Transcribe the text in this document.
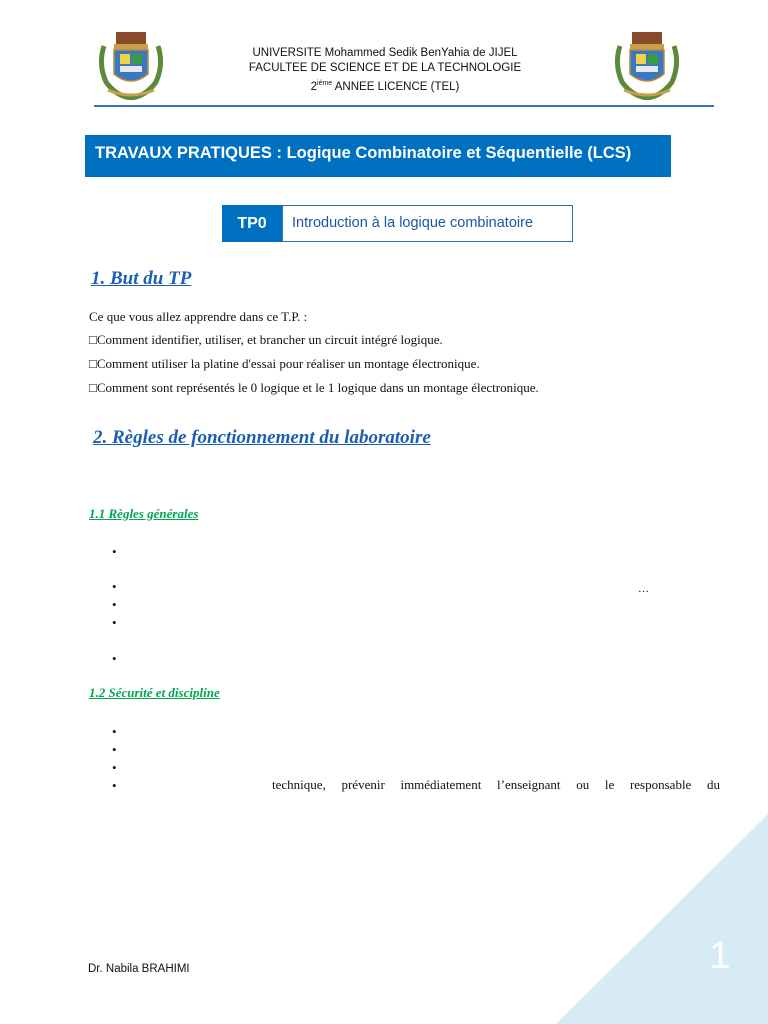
UNIVERSITE Mohammed Sedik BenYahia de JIJEL
FACULTEE DE SCIENCE ET DE LA TECHNOLOGIE
$2^{iéme}$ ANNEE LICENCE (TEL)
TRAVAUX PRATIQUES : Logique Combinatoire et Séquentielle (LCS)
TP0	Introduction à la logique combinatoire
1. But du TP
Ce que vous allez apprendre dans ce T.P. :
□Comment identifier, utiliser, et brancher un circuit intégré logique.
□Comment utiliser la platine d'essai pour réaliser un montage électronique.
□Comment sont représentés le 0 logique et le 1 logique dans un montage électronique.
2. Règles de fonctionnement du laboratoire
1.1 Règles générales
•
•	…
•
•
•
1.2 Sécurité et discipline
•
•
•
•	technique, prévenir immédiatement l’enseignant ou le responsable du
Dr. Nabila BRAHIMI	1
